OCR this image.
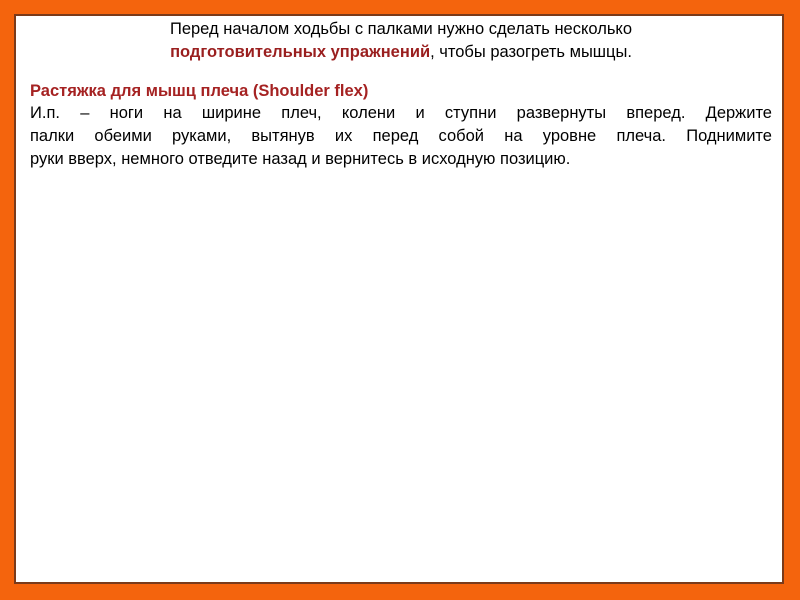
Перед началом ходьбы с палками нужно сделать несколько
подготовительных упражнений, чтобы разогреть мышцы.
Растяжка для мышц плеча (Shoulder flex)
И.п. – ноги на ширине плеч, колени и ступни развернуты вперед. Держите
палки обеими руками, вытянув их перед собой на уровне плеча. Поднимите
руки вверх, немного отведите назад и вернитесь в исходную позицию.
